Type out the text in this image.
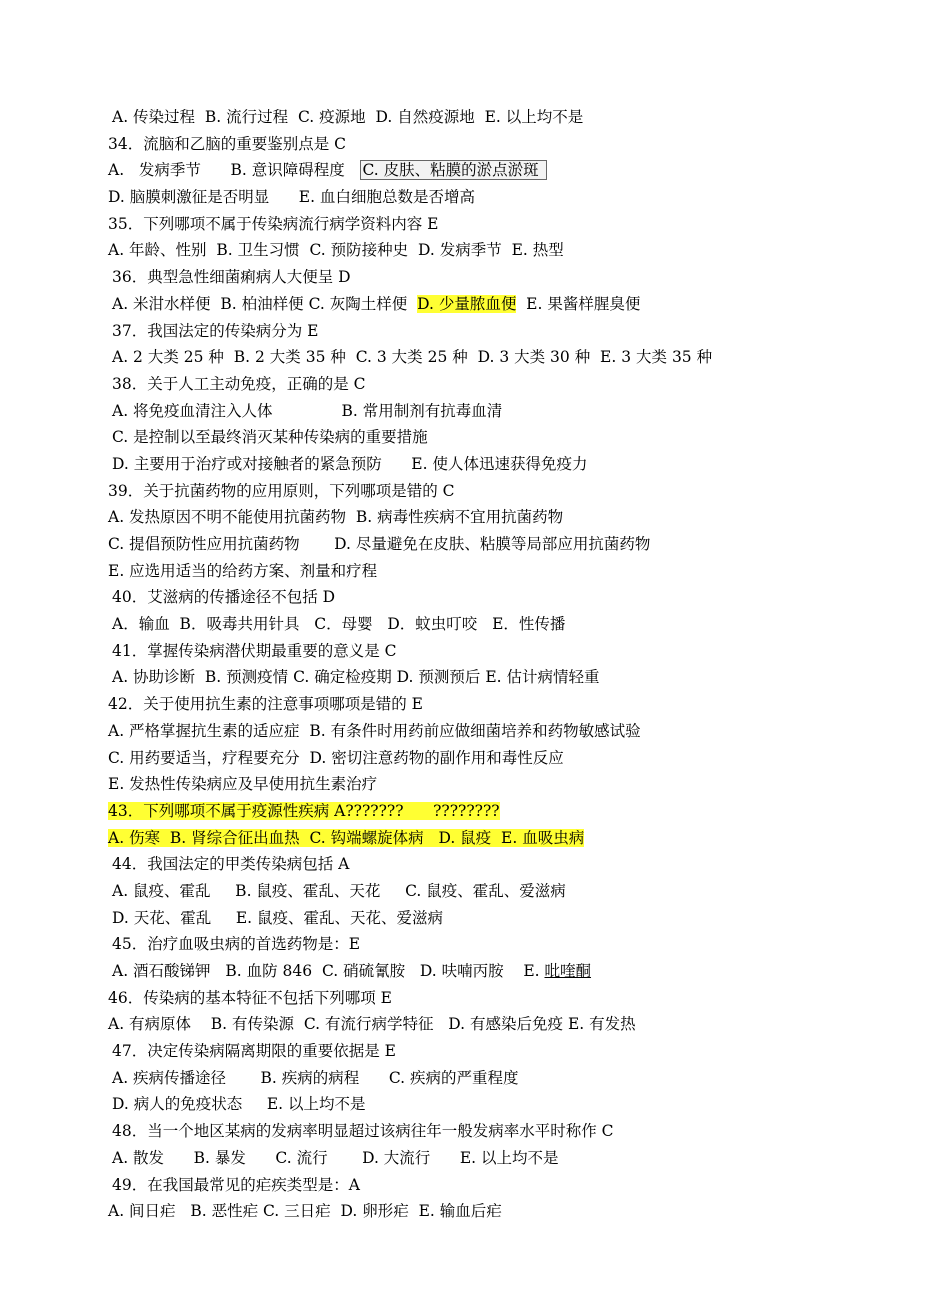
A. 传染过程  B. 流行过程  C. 疫源地  D. 自然疫源地  E. 以上均不是
34．流脑和乙脑的重要鉴别点是 C
A.   发病季节      B. 意识障碍程度   C. 皮肤、粘膜的淤点淤斑
D. 脑膜刺激征是否明显      E. 血白细胞总数是否增高
35．下列哪项不属于传染病流行病学资料内容 E
A. 年龄、性别  B. 卫生习惯  C. 预防接种史  D. 发病季节  E. 热型
36．典型急性细菌痢病人大便呈 D
A. 米泔水样便  B. 柏油样便 C. 灰陶土样便  D. 少量脓血便  E. 果酱样腥臭便
37．我国法定的传染病分为 E
A. 2 大类 25 种  B. 2 大类 35 种  C. 3 大类 25 种  D. 3 大类 30 种  E. 3 大类 35 种
38．关于人工主动免疫，正确的是 C
A. 将免疫血清注入人体              B. 常用制剂有抗毒血清
C. 是控制以至最终消灭某种传染病的重要措施
D. 主要用于治疗或对接触者的紧急预防      E. 使人体迅速获得免疫力
39．关于抗菌药物的应用原则，下列哪项是错的 C
A. 发热原因不明不能使用抗菌药物  B. 病毒性疾病不宜用抗菌药物
C. 提倡预防性应用抗菌药物       D. 尽量避免在皮肤、粘膜等局部应用抗菌药物
E. 应选用适当的给药方案、剂量和疗程
40．艾滋病的传播途径不包括 D
A．输血  B．吸毒共用针具   C．母婴   D．蚊虫叮咬   E．性传播
41．掌握传染病潜伏期最重要的意义是 C
A. 协助诊断  B. 预测疫情 C. 确定检疫期 D. 预测预后 E. 估计病情轻重
42．关于使用抗生素的注意事项哪项是错的 E
A. 严格掌握抗生素的适应症  B. 有条件时用药前应做细菌培养和药物敏感试验
C. 用药要适当，疗程要充分  D. 密切注意药物的副作用和毒性反应
E. 发热性传染病应及早使用抗生素治疗
43．下列哪项不属于疫源性疾病 A???????      ????????
A. 伤寒  B. 肾综合征出血热  C. 钩端螺旋体病   D. 鼠疫  E. 血吸虫病
44．我国法定的甲类传染病包括 A
A. 鼠疫、霍乱     B. 鼠疫、霍乱、天花     C. 鼠疫、霍乱、爱滋病
D. 天花、霍乱     E. 鼠疫、霍乱、天花、爱滋病
45．治疗血吸虫病的首选药物是：E
A. 酒石酸锑钾   B. 血防 846  C. 硝硫氰胺   D. 呋喃丙胺    E. 吡喹酮
46．传染病的基本特征不包括下列哪项 E
A. 有病原体    B. 有传染源  C. 有流行病学特征   D. 有感染后免疫 E. 有发热
47．决定传染病隔离期限的重要依据是 E
A. 疾病传播途径       B. 疾病的病程      C. 疾病的严重程度
D. 病人的免疫状态     E. 以上均不是
48．当一个地区某病的发病率明显超过该病往年一般发病率水平时称作 C
A. 散发      B. 暴发      C. 流行       D. 大流行      E. 以上均不是
49．在我国最常见的疟疾类型是：A
A. 间日疟   B. 恶性疟 C. 三日疟  D. 卵形疟  E. 输血后疟
